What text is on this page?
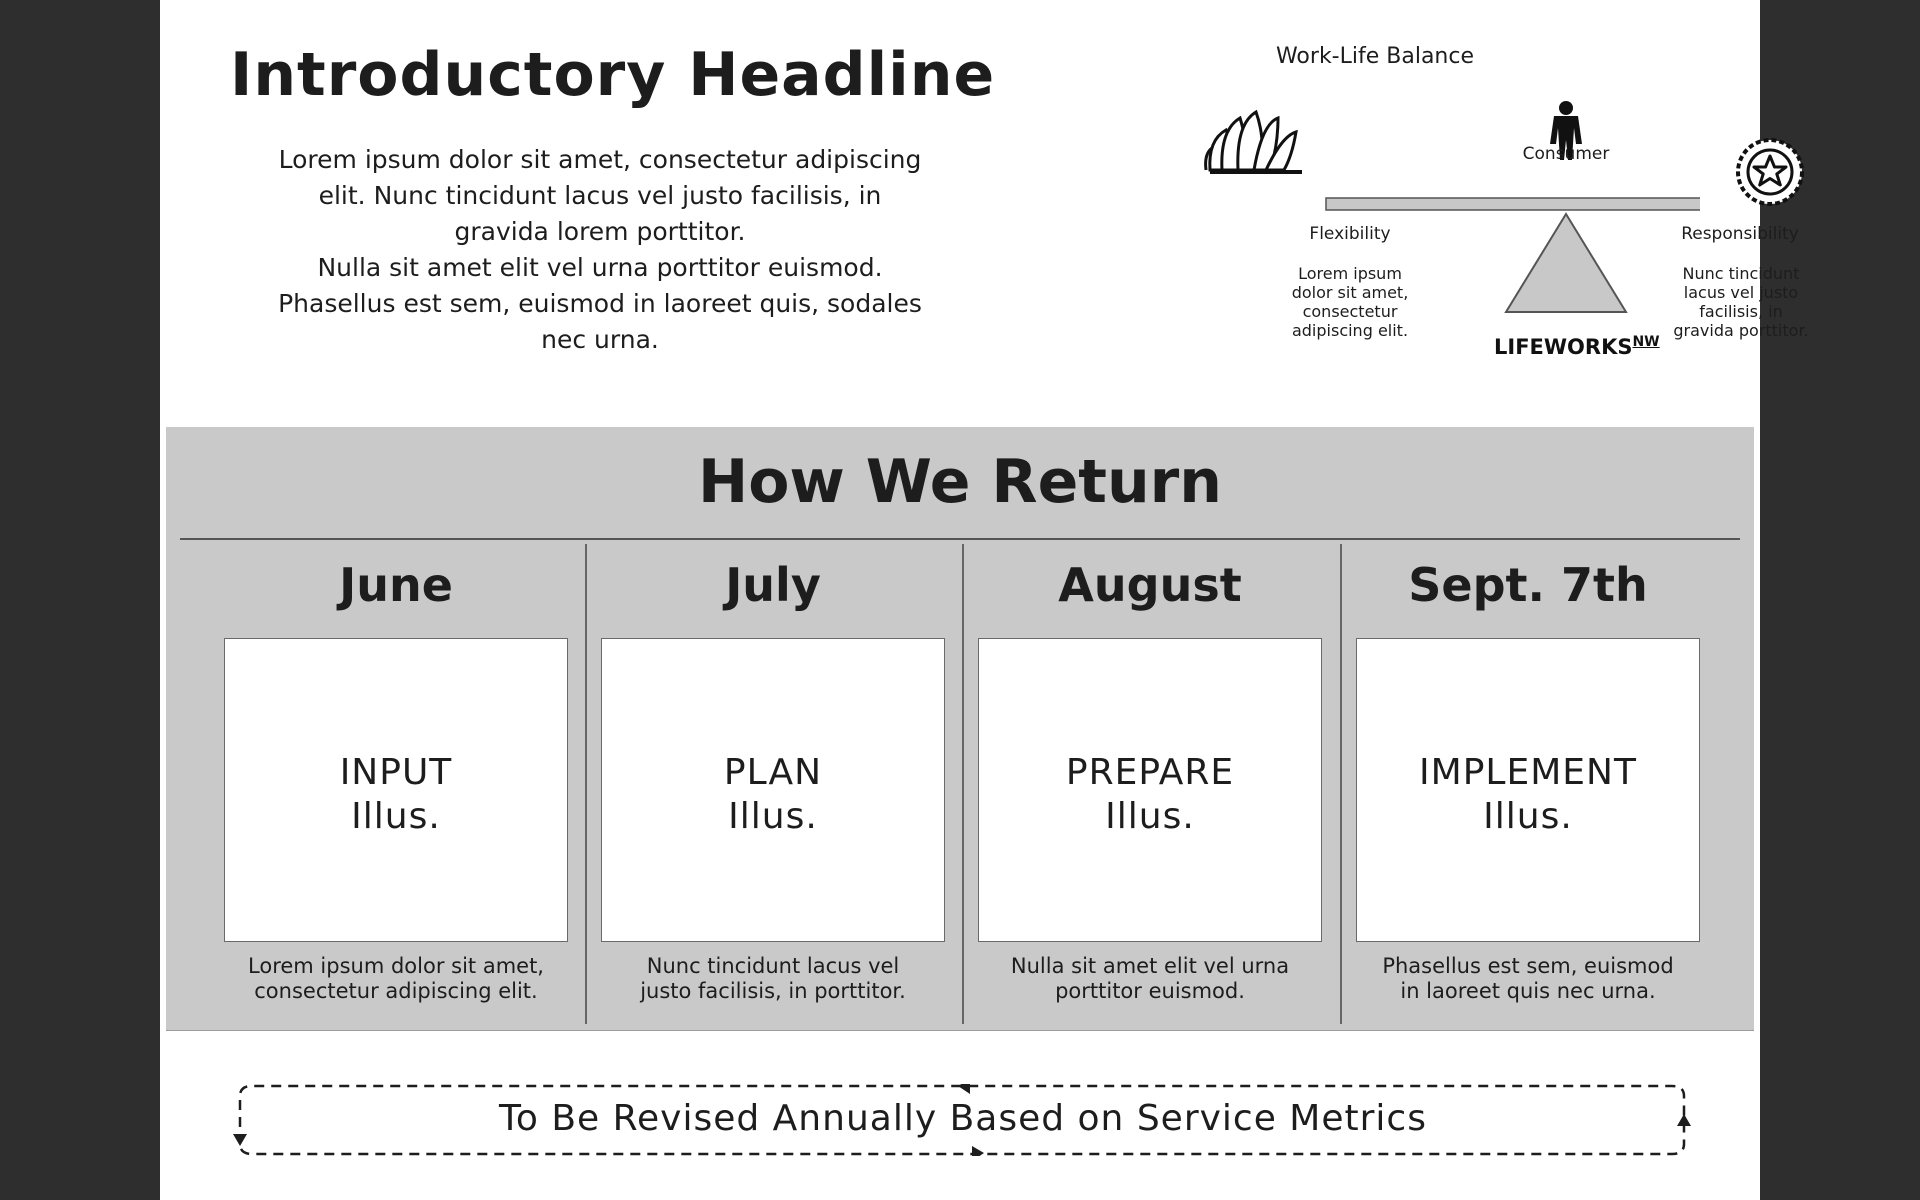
Introductory Headline
Lorem ipsum dolor sit amet, consectetur adipiscing
elit. Nunc tincidunt lacus vel justo facilisis, in
gravida lorem porttitor.
Nulla sit amet elit vel urna porttitor euismod.
Phasellus est sem, euismod in laoreet quis, sodales
nec urna.
Work-Life Balance
Consumer
Flexibility	Responsibility
Lorem ipsum
dolor sit amet,
consectetur
adipiscing elit.
Nunc tincidunt
lacus vel justo
facilisis, in
gravida porttitor.
$LIFEWORKS^{NW}$
How We Return
June
INPUT
Illus.
Lorem ipsum dolor sit amet,
consectetur adipiscing elit.
July
PLAN
Illus.
Nunc tincidunt lacus vel
justo facilisis, in porttitor.
August
PREPARE
Illus.
Nulla sit amet elit vel urna
porttitor euismod.
Sept. 7th
IMPLEMENT
Illus.
Phasellus est sem, euismod
in laoreet quis nec urna.
To Be Revised Annually Based on Service Metrics
